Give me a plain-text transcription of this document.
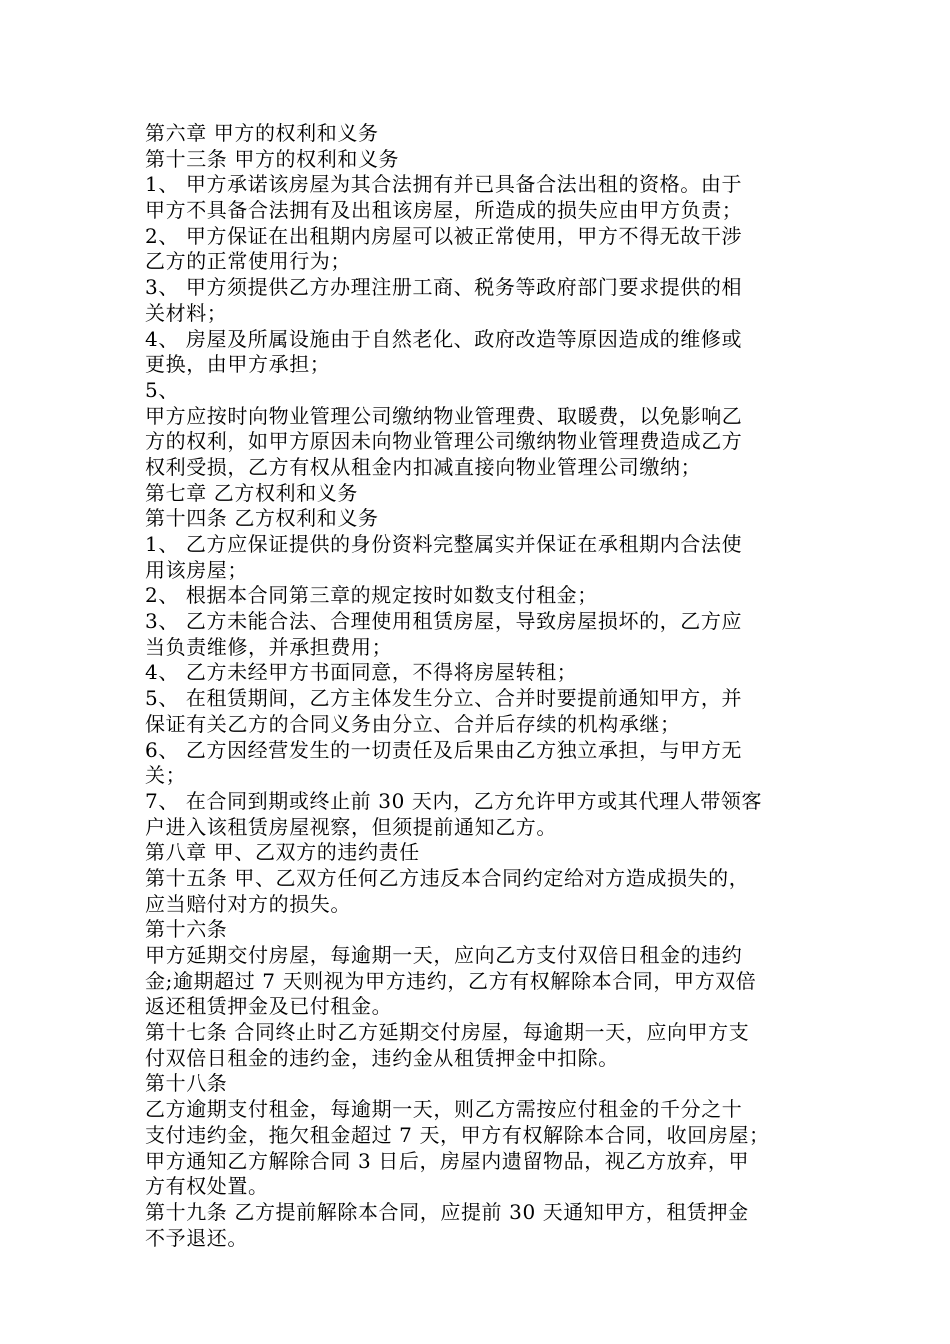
第六章 甲方的权利和义务
第十三条 甲方的权利和义务
1、 甲方承诺该房屋为其合法拥有并已具备合法出租的资格。由于
甲方不具备合法拥有及出租该房屋，所造成的损失应由甲方负责；
2、 甲方保证在出租期内房屋可以被正常使用，甲方不得无故干涉
乙方的正常使用行为；
3、 甲方须提供乙方办理注册工商、税务等政府部门要求提供的相
关材料；
4、 房屋及所属设施由于自然老化、政府改造等原因造成的维修或
更换，由甲方承担；
5、
甲方应按时向物业管理公司缴纳物业管理费、取暖费，以免影响乙
方的权利，如甲方原因未向物业管理公司缴纳物业管理费造成乙方
权利受损，乙方有权从租金内扣减直接向物业管理公司缴纳；
第七章 乙方权利和义务
第十四条 乙方权利和义务
1、 乙方应保证提供的身份资料完整属实并保证在承租期内合法使
用该房屋；
2、 根据本合同第三章的规定按时如数支付租金；
3、 乙方未能合法、合理使用租赁房屋，导致房屋损坏的，乙方应
当负责维修，并承担费用；
4、 乙方未经甲方书面同意，不得将房屋转租；
5、 在租赁期间，乙方主体发生分立、合并时要提前通知甲方，并
保证有关乙方的合同义务由分立、合并后存续的机构承继；
6、 乙方因经营发生的一切责任及后果由乙方独立承担，与甲方无
关；
7、 在合同到期或终止前 30 天内，乙方允许甲方或其代理人带领客
户进入该租赁房屋视察，但须提前通知乙方。
第八章 甲、乙双方的违约责任
第十五条 甲、乙双方任何乙方违反本合同约定给对方造成损失的，
应当赔付对方的损失。
第十六条
甲方延期交付房屋，每逾期一天，应向乙方支付双倍日租金的违约
金;逾期超过 7 天则视为甲方违约，乙方有权解除本合同，甲方双倍
返还租赁押金及已付租金。
第十七条 合同终止时乙方延期交付房屋，每逾期一天，应向甲方支
付双倍日租金的违约金，违约金从租赁押金中扣除。
第十八条
乙方逾期支付租金，每逾期一天，则乙方需按应付租金的千分之十
支付违约金，拖欠租金超过 7 天，甲方有权解除本合同，收回房屋；
甲方通知乙方解除合同 3 日后，房屋内遗留物品，视乙方放弃，甲
方有权处置。
第十九条 乙方提前解除本合同，应提前 30 天通知甲方，租赁押金
不予退还。
